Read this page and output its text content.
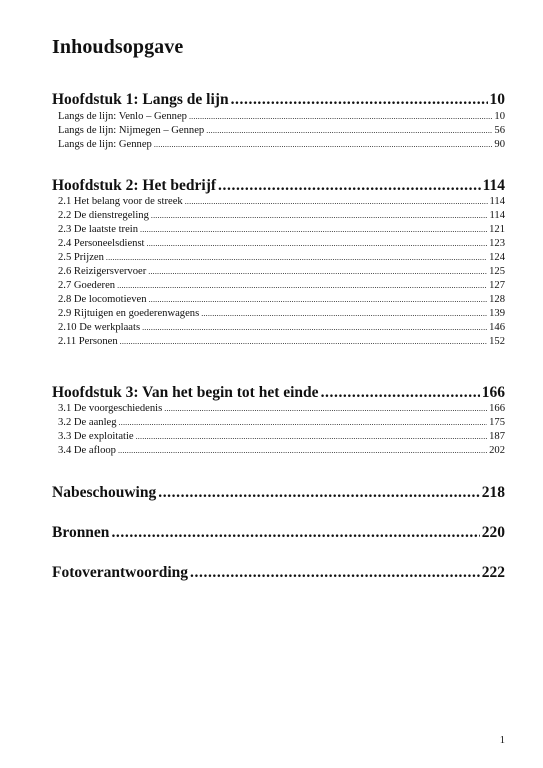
Inhoudsopgave
Hoofdstuk 1: Langs de lijn .....	10
Langs de lijn: Venlo – Gennep .....	10
Langs de lijn: Nijmegen – Gennep .....	56
Langs de lijn: Gennep .....	90
Hoofdstuk 2: Het bedrijf .....	114
2.1 Het belang voor de streek .....	114
2.2 De dienstregeling .....	114
2.3 De laatste trein .....	121
2.4 Personeelsdienst .....	123
2.5 Prijzen .....	124
2.6 Reizigersvervoer .....	125
2.7 Goederen .....	127
2.8 De locomotieven .....	128
2.9 Rijtuigen en goederenwagens .....	139
2.10 De werkplaats .....	146
2.11 Personen .....	152
Hoofdstuk 3: Van het begin tot het einde .....	166
3.1 De voorgeschiedenis .....	166
3.2 De aanleg .....	175
3.3 De exploitatie .....	187
3.4 De afloop .....	202
Nabeschouwing .....	218
Bronnen .....	220
Fotoverantwoording .....	222
1
